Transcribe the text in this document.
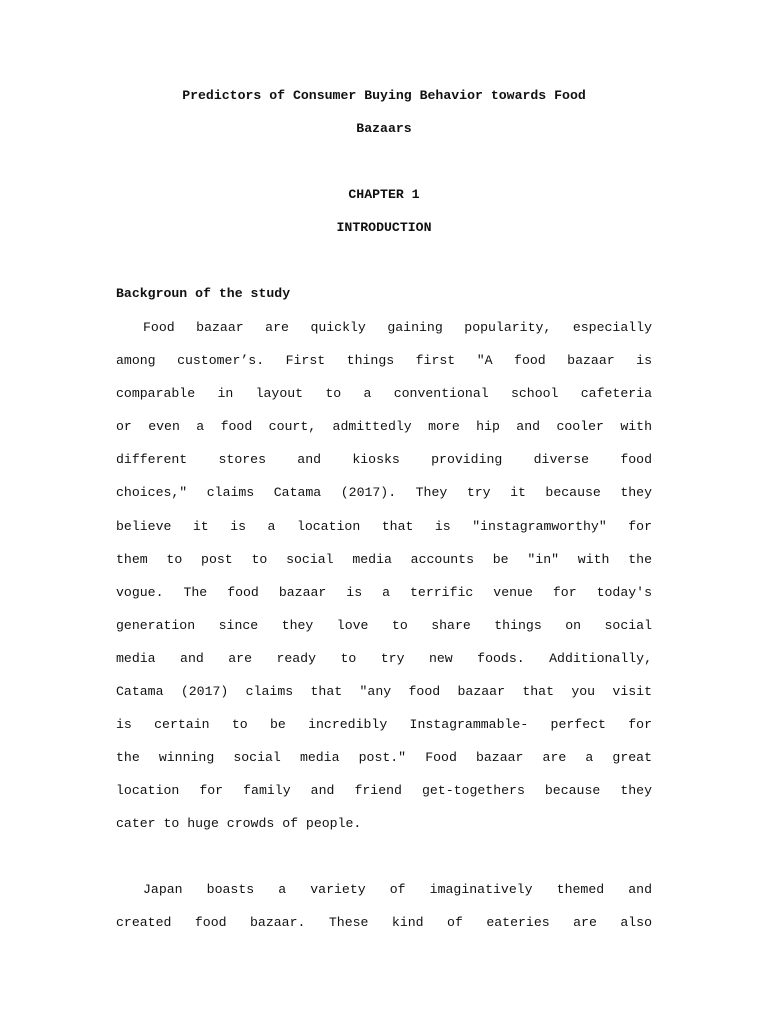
Predictors of Consumer Buying Behavior towards Food
Bazaars
CHAPTER 1
INTRODUCTION
Backgroun of the study
Food bazaar are quickly gaining popularity, especially
among customer’s. First things first "A food bazaar is
comparable in layout to a conventional school cafeteria
or even a food court, admittedly more hip and cooler with
different stores and kiosks providing diverse food
choices," claims Catama (2017). They try it because they
believe it is a location that is "instagramworthy" for
them to post to social media accounts be "in" with the
vogue. The food bazaar is a terrific venue for today's
generation since they love to share things on social
media and are ready to try new foods. Additionally,
Catama (2017) claims that "any food bazaar that you visit
is certain to be incredibly Instagrammable- perfect for
the winning social media post." Food bazaar are a great
location for family and friend get-togethers because they
cater to huge crowds of people.
Japan boasts a variety of imaginatively themed and
created food bazaar. These kind of eateries are also
